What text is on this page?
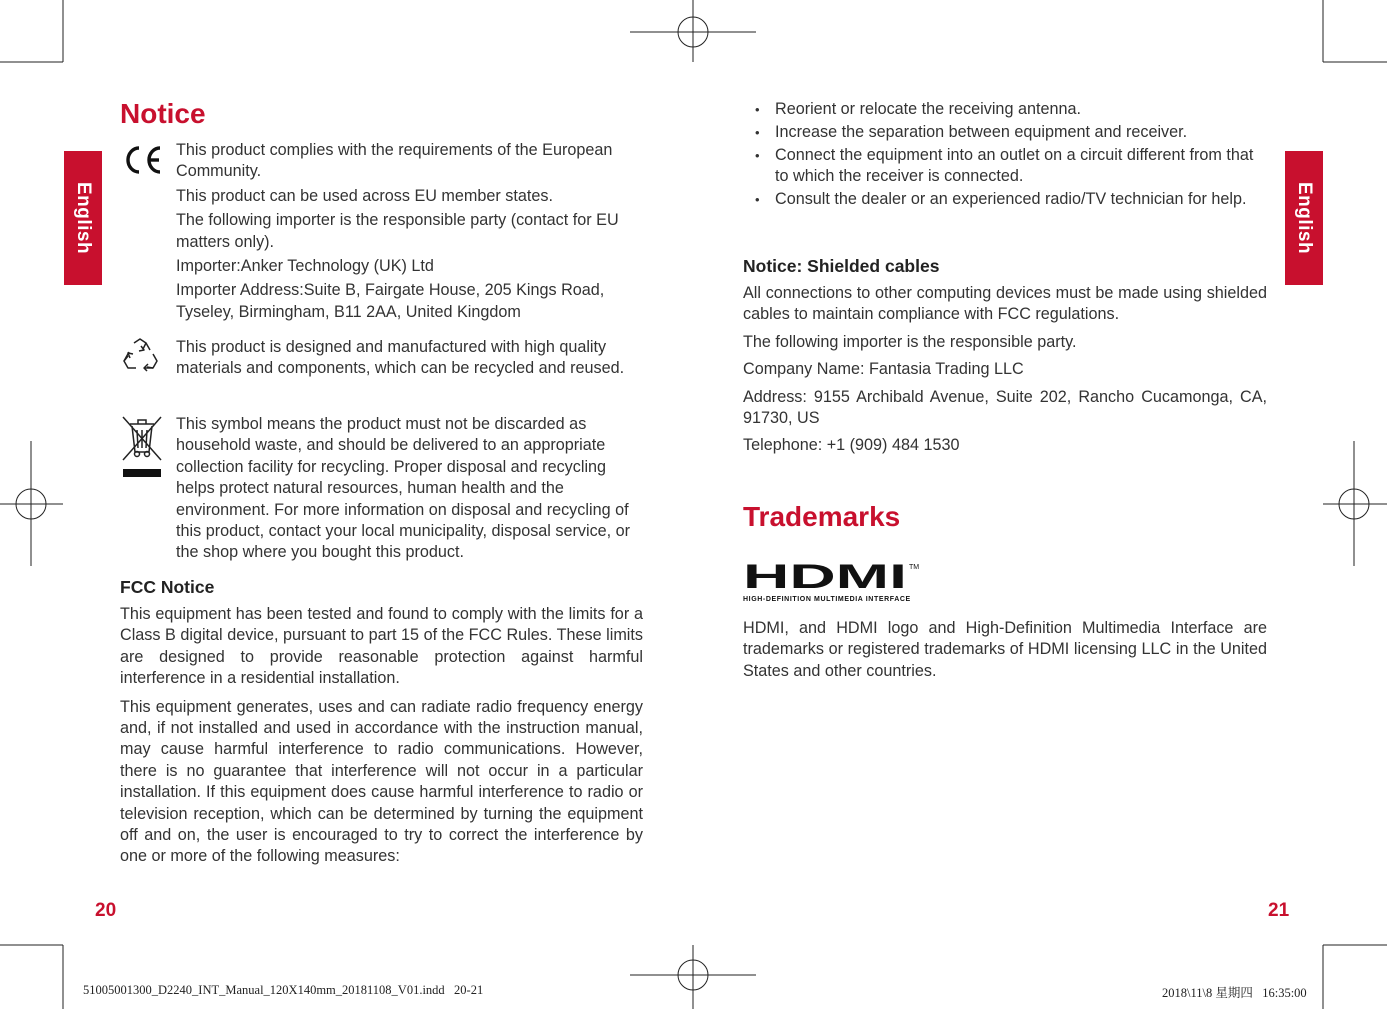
English	English
Notice

This product complies with the requirements of the European Community.

This product can be used across EU member states.

The following importer is the responsible party (contact for EU matters only).

Importer:Anker Technology (UK) Ltd

Importer Address:Suite B, Fairgate House, 205 Kings Road, Tyseley, Birmingham, B11 2AA, United Kingdom

This product is designed and manufactured with high quality materials and components, which can be recycled and reused.

This symbol means the product must not be discarded as household waste, and should be delivered to an appropriate collection facility for recycling. Proper disposal and recycling helps protect natural resources, human health and the environment. For more information on disposal and recycling of this product, contact your local municipality, disposal service, or the shop where you bought this product.

FCC Notice

This equipment has been tested and found to comply with the limits for a Class B digital device, pursuant to part 15 of the FCC Rules. These limits are designed to provide reasonable protection against harmful interference in a residential installation.

This equipment generates, uses and can radiate radio frequency energy and, if not installed and used in accordance with the instruction manual, may cause harmful interference to radio communications. However, there is no guarantee that interference will not occur in a particular installation. If this equipment does cause harmful interference to radio or television reception, which can be determined by turning the equipment off and on, the user is encouraged to try to correct the interference by one or more of the following measures:

20
• Reorient or relocate the receiving antenna.
• Increase the separation between equipment and receiver.
• Connect the equipment into an outlet on a circuit different from that to which the receiver is connected.
• Consult the dealer or an experienced radio/TV technician for help.
Notice: Shielded cables

All connections to other computing devices must be made using shielded cables to maintain compliance with FCC regulations.

The following importer is the responsible party.

Company Name: Fantasia Trading LLC

Address: 9155 Archibald Avenue, Suite 202, Rancho Cucamonga, CA, 91730, US

Telephone: +1 (909) 484 1530

Trademarks
HDMI TM
HIGH-DEFINITION MULTIMEDIA INTERFACE
HDMI, and HDMI logo and High-Definition Multimedia Interface are trademarks or registered trademarks of HDMI licensing LLC in the United States and other countries.
21
51005001300_D2240_INT_Manual_120X140mm_20181108_V01.indd   20-21	2018\11\8 星期四   16:35:00
